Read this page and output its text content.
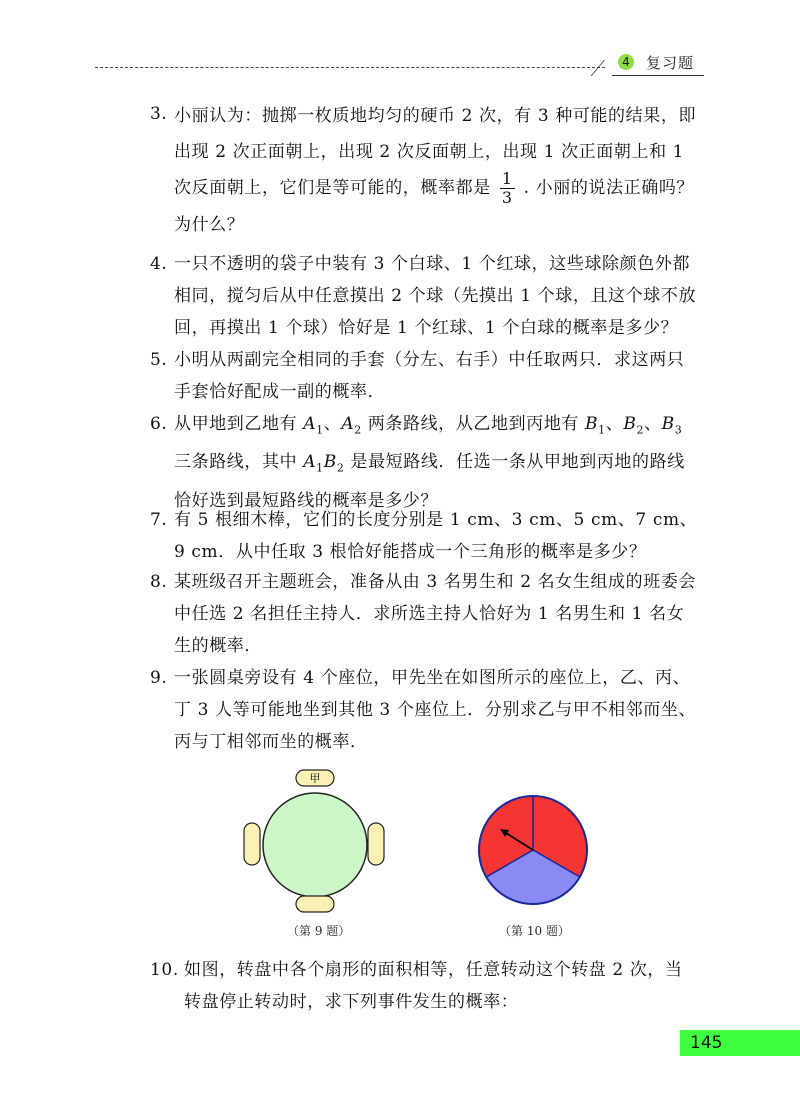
4 复习题
3. 小丽认为：抛掷一枚质地均匀的硬币 2 次，有 3 种可能的结果，即出现 2 次正面朝上，出现 2 次反面朝上，出现 1 次正面朝上和 1 次反面朝上，它们是等可能的，概率都是 $\frac{1}{3}$ . 小丽的说法正确吗？为什么？
4. 一只不透明的袋子中装有 3 个白球、1 个红球，这些球除颜色外都相同，搅匀后从中任意摸出 2 个球（先摸出 1 个球，且这个球不放回，再摸出 1 个球）恰好是 1 个红球、1 个白球的概率是多少？
5. 小明从两副完全相同的手套（分左、右手）中任取两只．求这两只手套恰好配成一副的概率．
6. 从甲地到乙地有 $A_1$、$A_2$ 两条路线，从乙地到丙地有 $B_1$、$B_2$、$B_3$三条路线，其中 $A_1B_2$ 是最短路线．任选一条从甲地到丙地的路线恰好选到最短路线的概率是多少？
7. 有 5 根细木棒，它们的长度分别是 1 cm、3 cm、5 cm、7 cm、9 cm．从中任取 3 根恰好能搭成一个三角形的概率是多少？
8. 某班级召开主题班会，准备从由 3 名男生和 2 名女生组成的班委会中任选 2 名担任主持人．求所选主持人恰好为 1 名男生和 1 名女生的概率．
9. 一张圆桌旁设有 4 个座位，甲先坐在如图所示的座位上，乙、丙、丁 3 人等可能地坐到其他 3 个座位上．分别求乙与甲不相邻而坐、丙与丁相邻而坐的概率．
甲
（第 9 题）	（第 10 题）
10. 如图，转盘中各个扇形的面积相等，任意转动这个转盘 2 次，当转盘停止转动时，求下列事件发生的概率：
145
